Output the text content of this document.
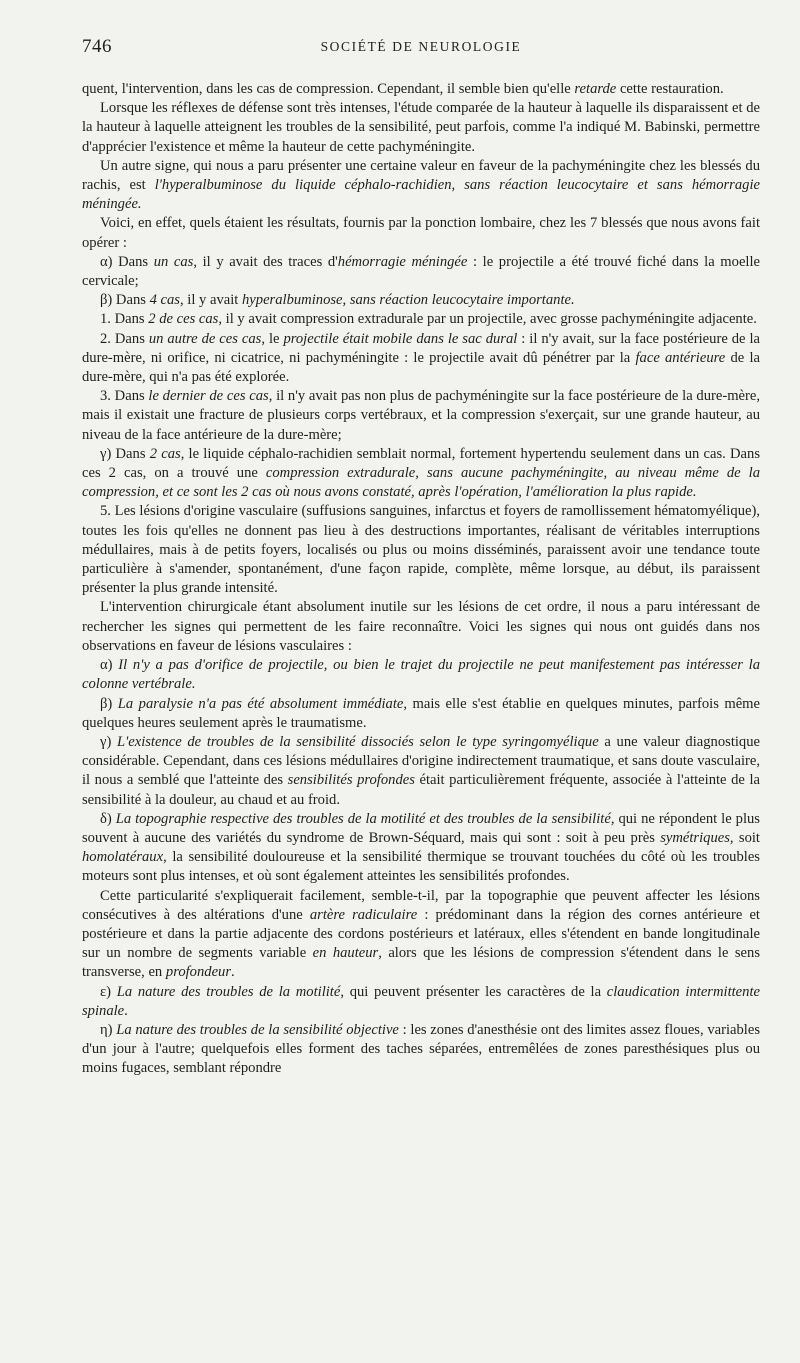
746	SOCIÉTÉ DE NEUROLOGIE

quent, l'intervention, dans les cas de compression. Cependant, il semble bien qu'elle retarde cette restauration.

Lorsque les réflexes de défense sont très intenses, l'étude comparée de la hauteur à laquelle ils disparaissent et de la hauteur à laquelle atteignent les troubles de la sensibilité, peut parfois, comme l'a indiqué M. Babinski, permettre d'apprécier l'existence et même la hauteur de cette pachyméningite.

Un autre signe, qui nous a paru présenter une certaine valeur en faveur de la pachyméningite chez les blessés du rachis, est l'hyperalbuminose du liquide céphalo-rachidien, sans réaction leucocytaire et sans hémorragie méningée.

Voici, en effet, quels étaient les résultats, fournis par la ponction lombaire, chez les 7 blessés que nous avons fait opérer :

α) Dans un cas, il y avait des traces d'hémorragie méningée : le projectile a été trouvé fiché dans la moelle cervicale;

β) Dans 4 cas, il y avait hyperalbuminose, sans réaction leucocytaire importante.

1. Dans 2 de ces cas, il y avait compression extradurale par un projectile, avec grosse pachyméningite adjacente.

2. Dans un autre de ces cas, le projectile était mobile dans le sac dural : il n'y avait, sur la face postérieure de la dure-mère, ni orifice, ni cicatrice, ni pachyméningite : le projectile avait dû pénétrer par la face antérieure de la dure-mère, qui n'a pas été explorée.

3. Dans le dernier de ces cas, il n'y avait pas non plus de pachyméningite sur la face postérieure de la dure-mère, mais il existait une fracture de plusieurs corps vertébraux, et la compression s'exerçait, sur une grande hauteur, au niveau de la face antérieure de la dure-mère;

γ) Dans 2 cas, le liquide céphalo-rachidien semblait normal, fortement hypertendu seulement dans un cas. Dans ces 2 cas, on a trouvé une compression extradurale, sans aucune pachyméningite, au niveau même de la compression, et ce sont les 2 cas où nous avons constaté, après l'opération, l'amélioration la plus rapide.

5. Les lésions d'origine vasculaire (suffusions sanguines, infarctus et foyers de ramollissement hématomyélique), toutes les fois qu'elles ne donnent pas lieu à des destructions importantes, réalisant de véritables interruptions médullaires, mais à de petits foyers, localisés ou plus ou moins disséminés, paraissent avoir une tendance toute particulière à s'amender, spontanément, d'une façon rapide, complète, même lorsque, au début, ils paraissent présenter la plus grande intensité.

L'intervention chirurgicale étant absolument inutile sur les lésions de cet ordre, il nous a paru intéressant de rechercher les signes qui permettent de les faire reconnaître. Voici les signes qui nous ont guidés dans nos observations en faveur de lésions vasculaires :

α) Il n'y a pas d'orifice de projectile, ou bien le trajet du projectile ne peut manifestement pas intéresser la colonne vertébrale.

β) La paralysie n'a pas été absolument immédiate, mais elle s'est établie en quelques minutes, parfois même quelques heures seulement après le traumatisme.

γ) L'existence de troubles de la sensibilité dissociés selon le type syringomyélique a une valeur diagnostique considérable. Cependant, dans ces lésions médullaires d'origine indirectement traumatique, et sans doute vasculaire, il nous a semblé que l'atteinte des sensibilités profondes était particulièrement fréquente, associée à l'atteinte de la sensibilité à la douleur, au chaud et au froid.

δ) La topographie respective des troubles de la motilité et des troubles de la sensibilité, qui ne répondent le plus souvent à aucune des variétés du syndrome de Brown-Séquard, mais qui sont : soit à peu près symétriques, soit homolatéraux, la sensibilité douloureuse et la sensibilité thermique se trouvant touchées du côté où les troubles moteurs sont plus intenses, et où sont également atteintes les sensibilités profondes.

Cette particularité s'expliquerait facilement, semble-t-il, par la topographie que peuvent affecter les lésions consécutives à des altérations d'une artère radiculaire : prédominant dans la région des cornes antérieure et postérieure et dans la partie adjacente des cordons postérieurs et latéraux, elles s'étendent en bande longitudinale sur un nombre de segments variable en hauteur, alors que les lésions de compression s'étendent dans le sens transverse, en profondeur.

ε) La nature des troubles de la motilité, qui peuvent présenter les caractères de la claudication intermittente spinale.

η) La nature des troubles de la sensibilité objective : les zones d'anesthésie ont des limites assez floues, variables d'un jour à l'autre; quelquefois elles forment des taches séparées, entremêlées de zones paresthésiques plus ou moins fugaces, semblant répondre
